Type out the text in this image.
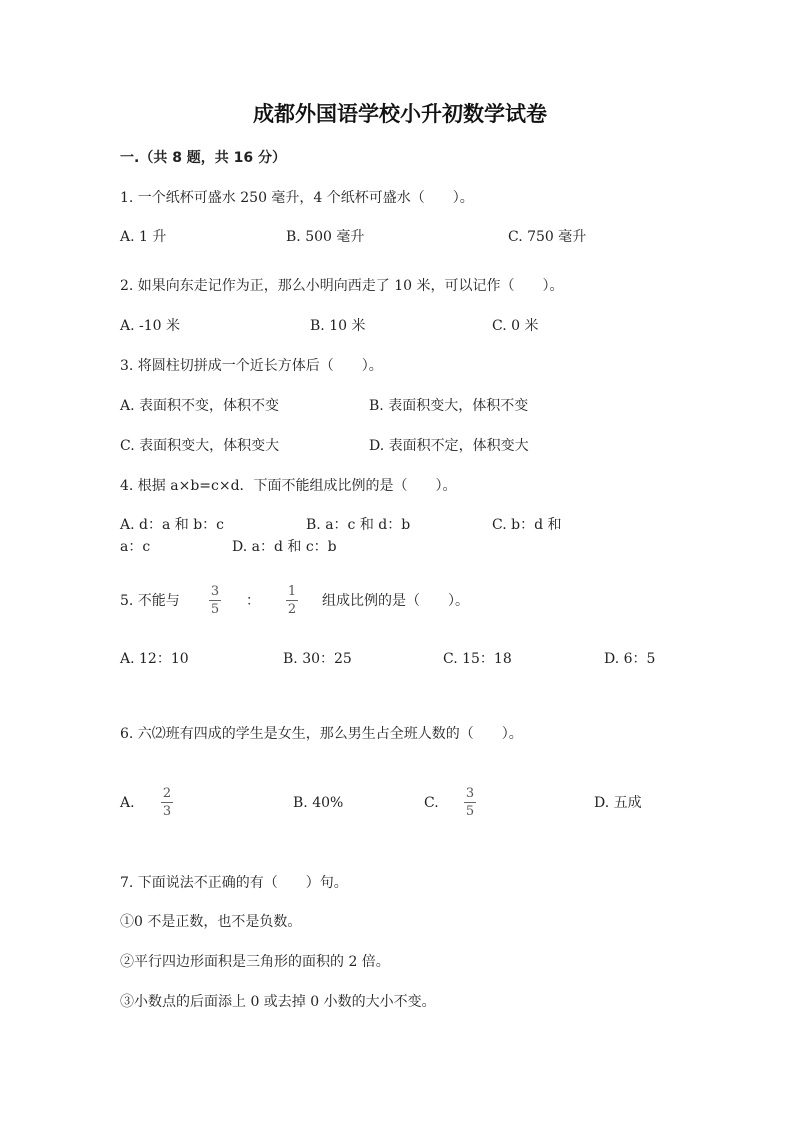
成都外国语学校小升初数学试卷
一.（共 8 题，共 16 分）
1. 一个纸杯可盛水 250 毫升，4 个纸杯可盛水（　　）。
A. 1 升	B. 500 毫升	C. 750 毫升
2. 如果向东走记作为正，那么小明向西走了 10 米，可以记作（　　）。
A. -10 米	B. 10 米	C. 0 米
3. 将圆柱切拼成一个近长方体后（　　）。
A. 表面积不变，体积不变	B. 表面积变大，体积不变
C. 表面积变大，体积变大	D. 表面积不定，体积变大
4. 根据 a×b=c×d．下面不能组成比例的是（　　）。
A. d：a 和 b：c	B. a：c 和 d：b	C. b：d 和
a：c	D. a：d 和 c：b
5. 不能与
3
5
：
1
2
组成比例的是（　　）。
A. 12：10	B. 30：25	C. 15：18	D. 6：5
6. 六⑵班有四成的学生是女生，那么男生占全班人数的（　　）。
A.
2
3
B. 40%	C.
3
5
D. 五成
7. 下面说法不正确的有（　　）句。
①0 不是正数，也不是负数。
②平行四边形面积是三角形的面积的 2 倍。
③小数点的后面添上 0 或去掉 0 小数的大小不变。
